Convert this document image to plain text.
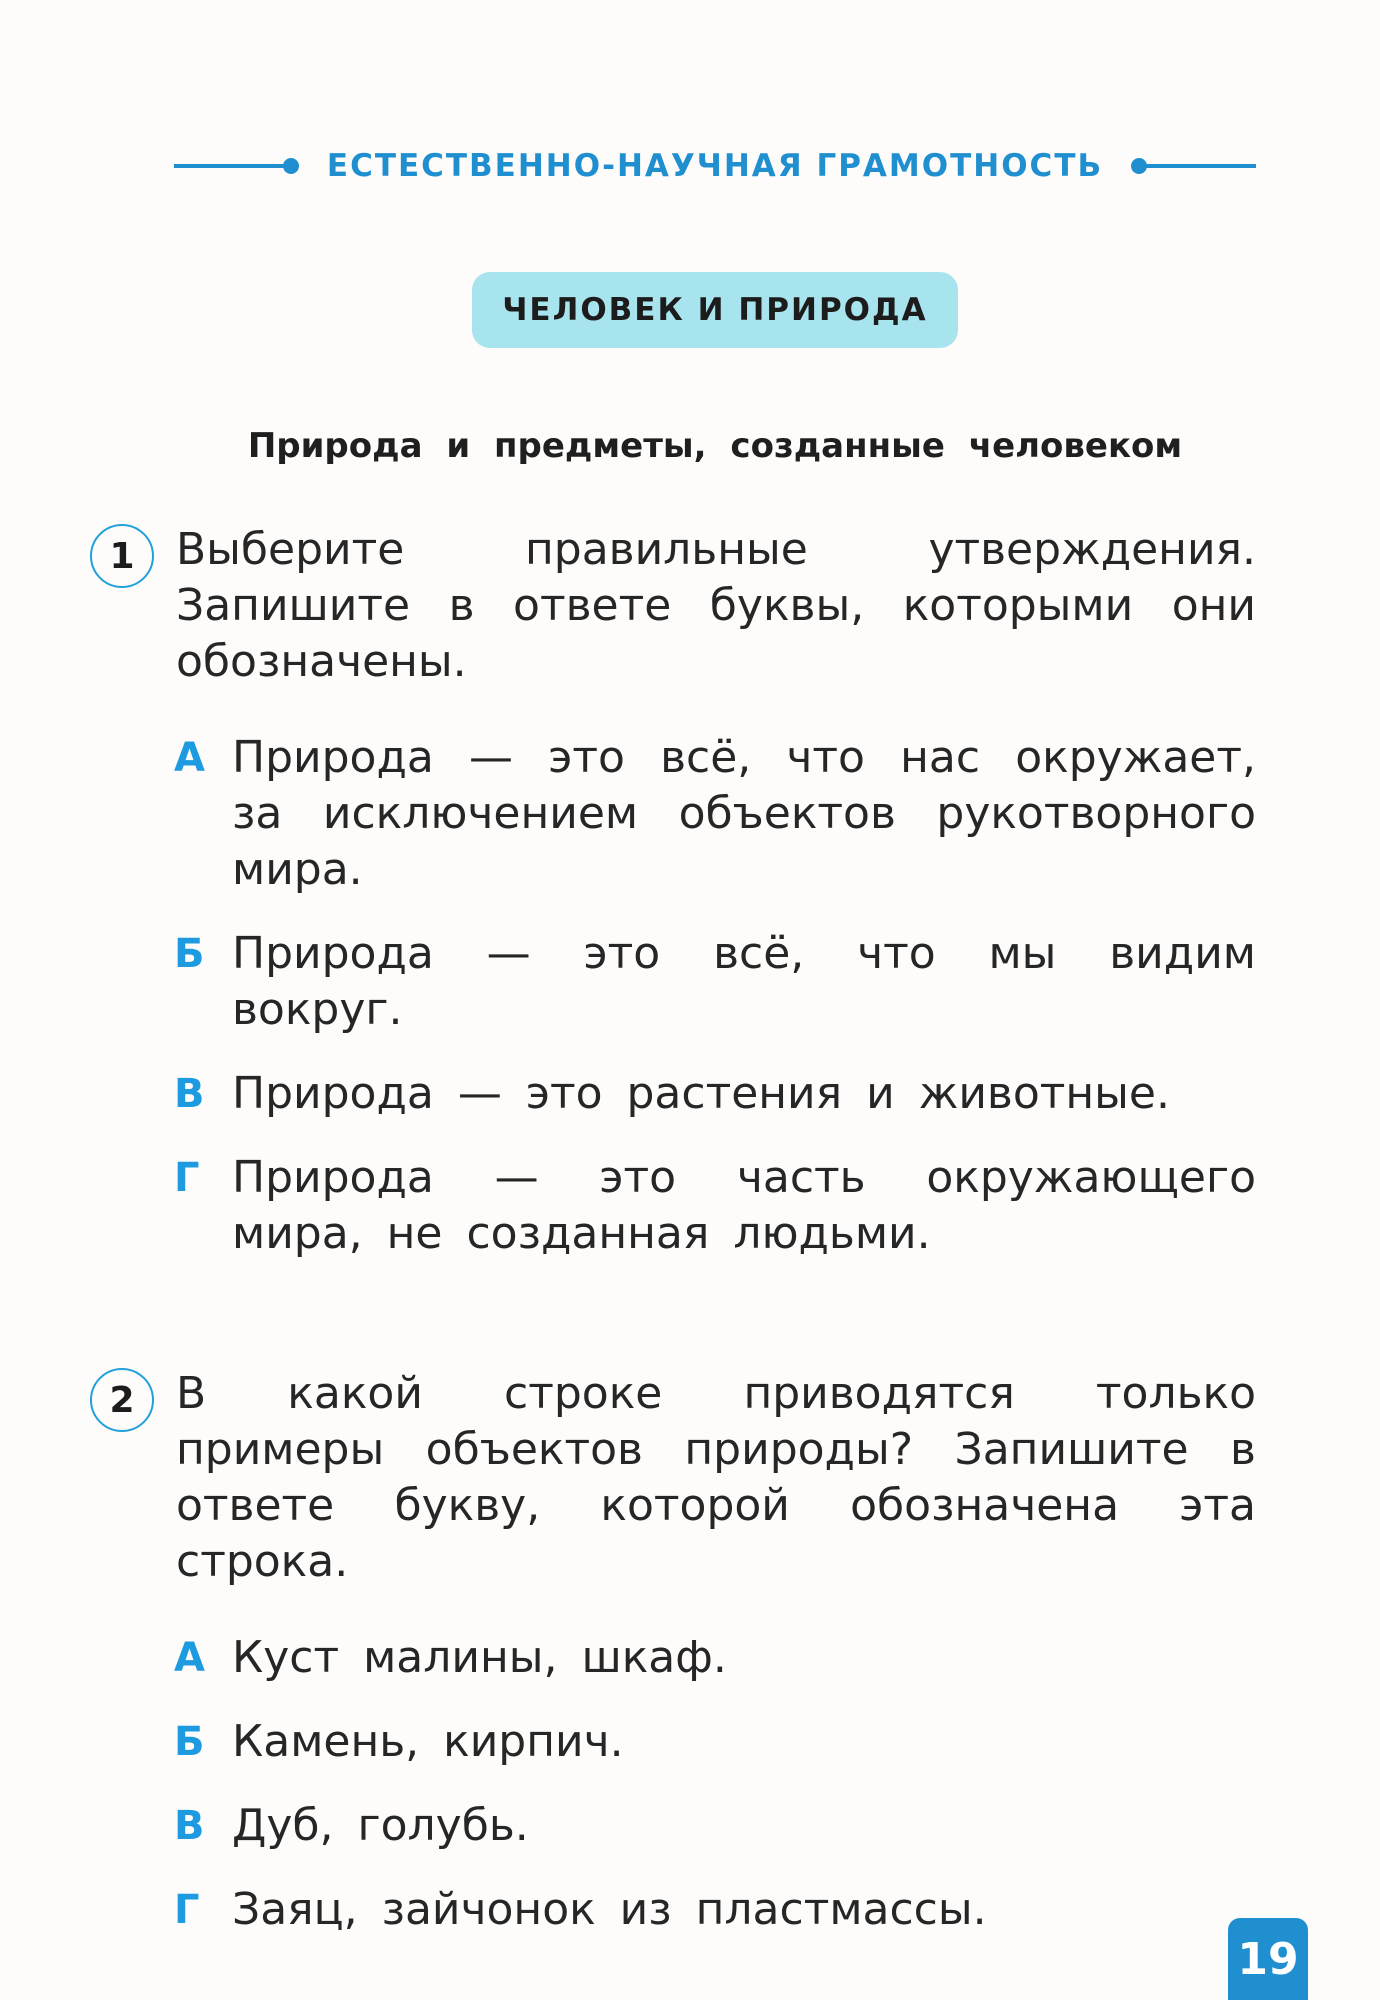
ЕСТЕСТВЕННО-НАУЧНАЯ ГРАМОТНОСТЬ
ЧЕЛОВЕК И ПРИРОДА
Природа и предметы, созданные человеком
1 Выберите правильные утверждения. Запишите в ответе буквы, которыми они обозначены.
А Природа — это всё, что нас окружает, за исключением объектов рукотворного мира.
Б Природа — это всё, что мы видим вокруг.
В Природа — это растения и животные.
Г Природа — это часть окружающего мира, не созданная людьми.
2 В какой строке приводятся только примеры объектов природы? Запишите в ответе букву, которой обозначена эта строка.
А Куст малины, шкаф.
Б Камень, кирпич.
В Дуб, голубь.
Г Заяц, зайчонок из пластмассы.
19
